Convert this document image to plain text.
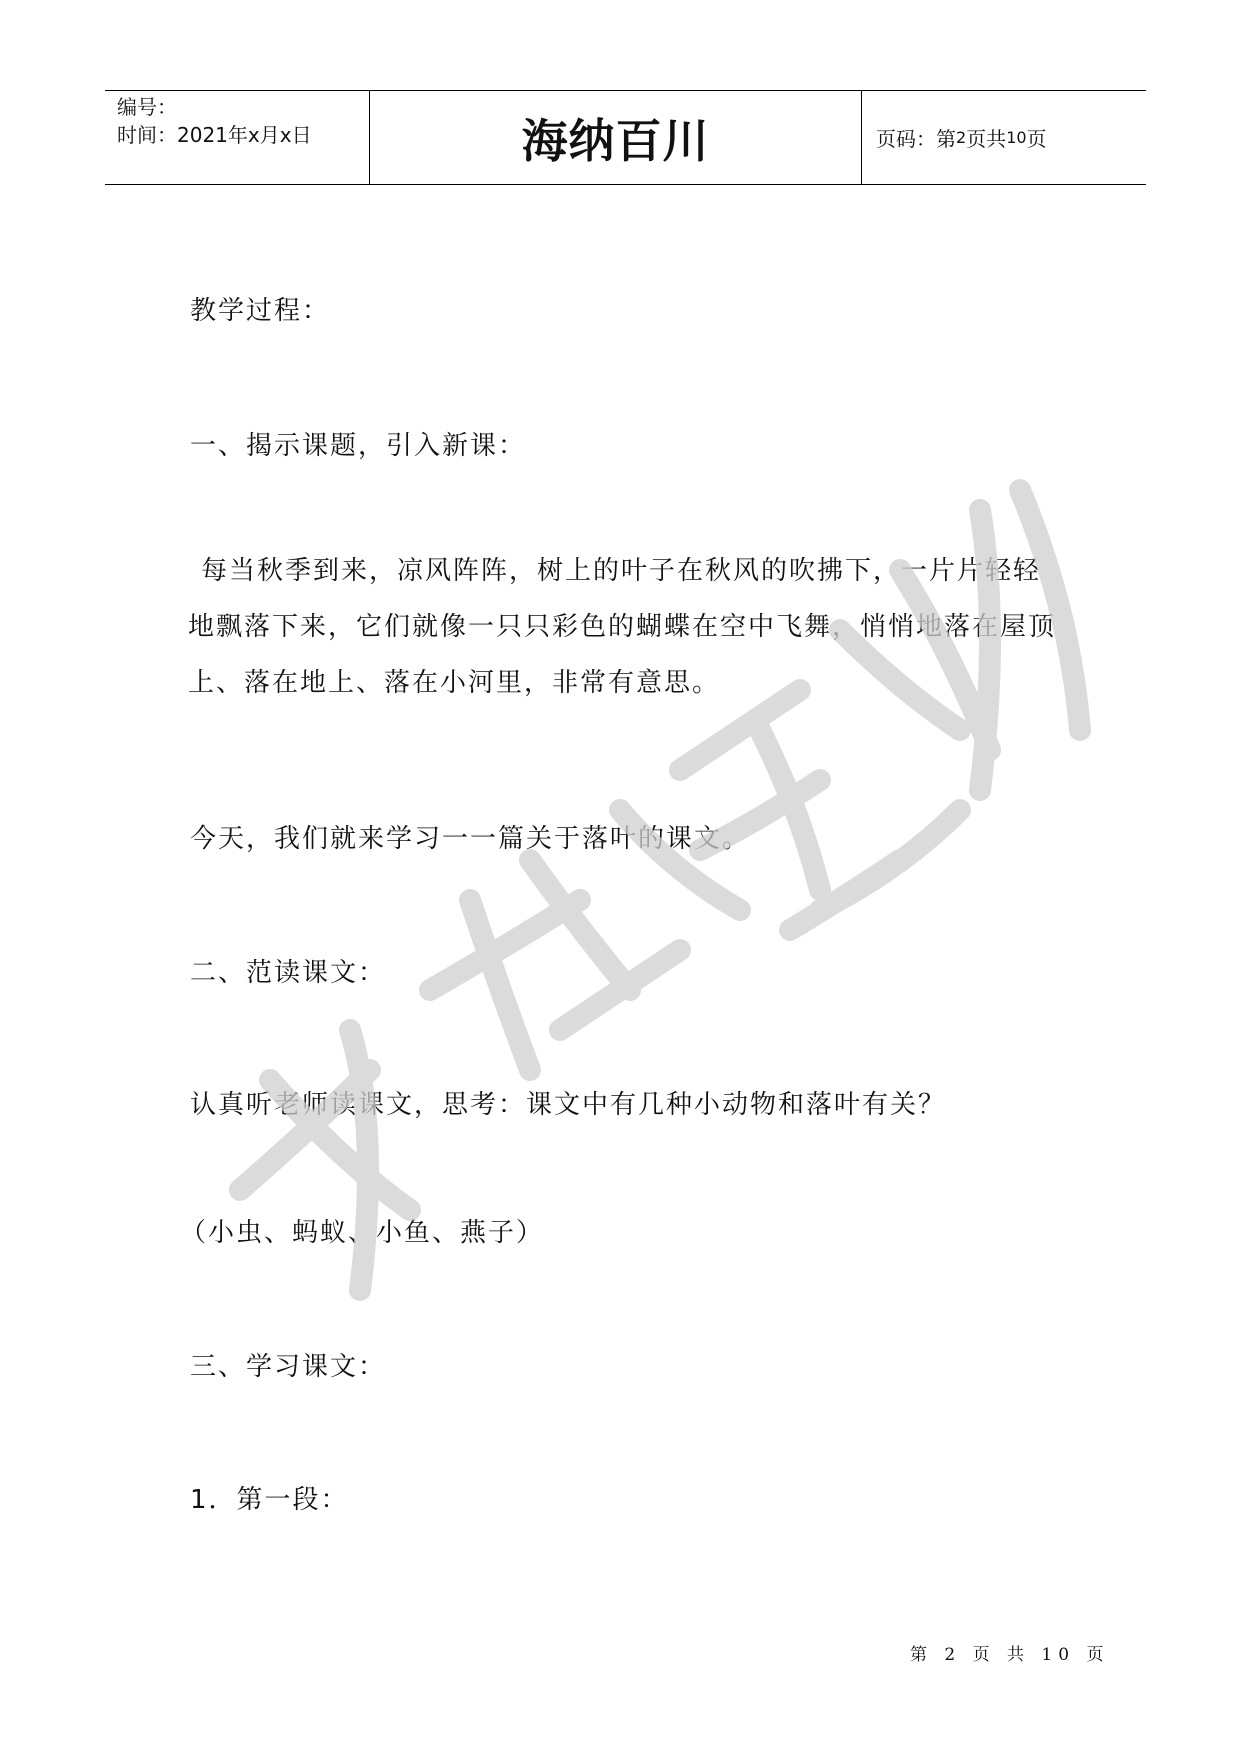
编号：
时间：2021年x月x日	海纳百川	页码：第 2 页共 10 页
教学过程：
一、揭示课题，引入新课：
每当秋季到来，凉风阵阵，树上的叶子在秋风的吹拂下，一片片轻轻地飘落下来，它们就像一只只彩色的蝴蝶在空中飞舞，悄悄地落在屋顶上、落在地上、落在小河里，非常有意思。
今天，我们就来学习一一篇关于落叶的课文。
二、范读课文：
认真听老师读课文，思考：课文中有几种小动物和落叶有关？
（小虫、蚂蚁、小鱼、燕子）
三、学习课文：
1．第一段：
严禁复制
第 2 页 共 10 页
